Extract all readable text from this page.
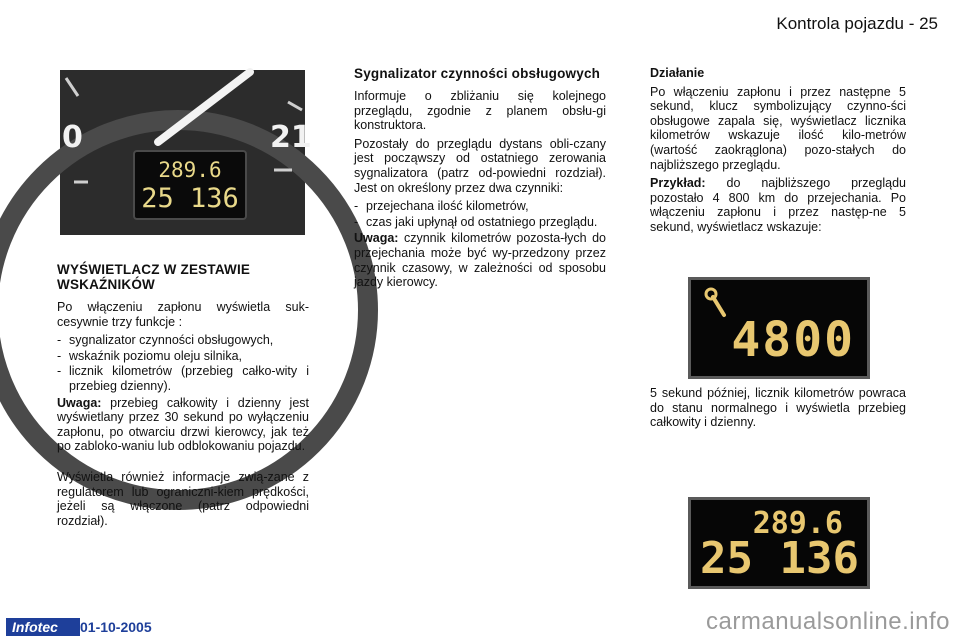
Kontrola pojazdu - 25
0	21
289.6
25 136
WYŚWIETLACZ W ZESTAWIE WSKAŹNIKÓW

Po włączeniu zapłonu wyświetla suk-cesywnie trzy funkcje :

- sygnalizator czynności obsługowych,
- wskaźnik poziomu oleju silnika,
- licznik kilometrów (przebieg całko-wity i przebieg dzienny).

Uwaga: przebieg całkowity i dzienny jest wyświetlany przez 30 sekund po wyłączeniu zapłonu, po otwarciu drzwi kierowcy, jak też po zabloko-waniu lub odblokowaniu pojazdu.

Wyświetla również informacje zwią-zane z regulatorem lub ograniczni-kiem prędkości, jeżeli są włączone (patrz odpowiedni rozdział).

Sygnalizator czynności obsługowych

Informuje o zbliżaniu się kolejnego przeglądu, zgodnie z planem obsłu-gi konstruktora.

Pozostały do przeglądu dystans obli-czany jest począwszy od ostatniego zerowania sygnalizatora (patrz od-powiedni rozdział). Jest on określony przez dwa czynniki:

- przejechana ilość kilometrów,
- czas jaki upłynął od ostatniego przeglądu.

Uwaga: czynnik kilometrów pozosta-łych do przejechania może być wy-przedzony przez czynnik czasowy, w zależności od sposobu jazdy kierowcy.

Działanie

Po włączeniu zapłonu i przez następne 5 sekund, klucz symbolizujący czynno-ści obsługowe zapala się, wyświetlacz licznika kilometrów wskazuje ilość kilo-metrów (wartość zaokrąglona) pozo-stałych do najbliższego przeglądu.

Przykład: do najbliższego przeglądu pozostało 4 800 km do przejechania. Po włączeniu zapłonu i przez następ-ne 5 sekund, wyświetlacz wskazuje:

4800

5 sekund później, licznik kilometrów powraca do stanu normalnego i wyświetla przebieg całkowity i dzienny.

289.6
25 136
Infotec	01-10-2005	carmanualsonline.info
